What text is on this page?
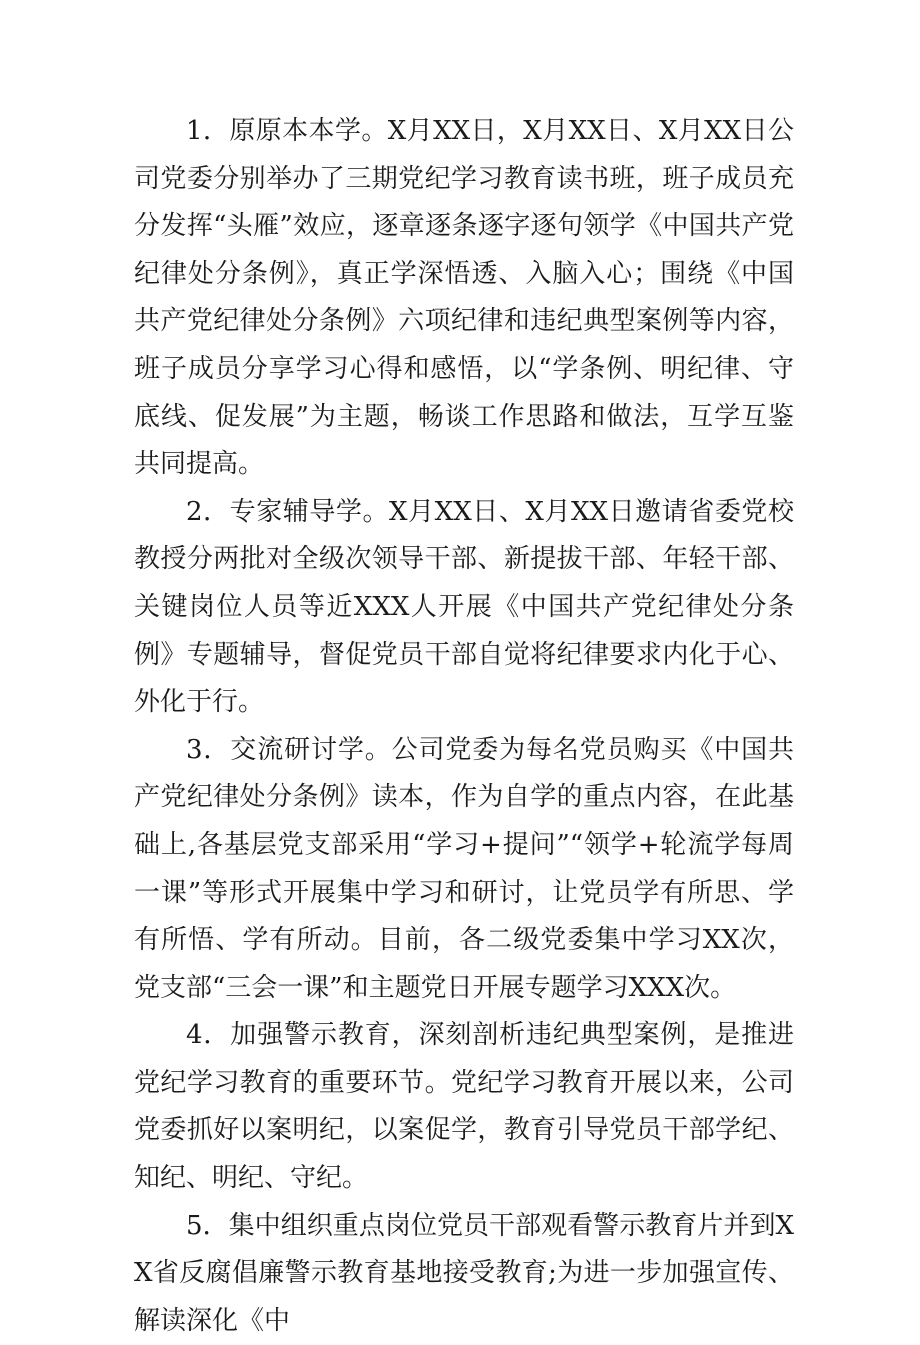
1．原原本本学。X月XX日，X月XX日、X月XX日公司党委分别举办了三期党纪学习教育读书班，班子成员充分发挥“头雁”效应，逐章逐条逐字逐句领学《中国共产党纪律处分条例》，真正学深悟透、入脑入心；围绕《中国共产党纪律处分条例》六项纪律和违纪典型案例等内容，班子成员分享学习心得和感悟，以“学条例、明纪律、守底线、促发展”为主题，畅谈工作思路和做法，互学互鉴共同提高。

2．专家辅导学。X月XX日、X月XX日邀请省委党校教授分两批对全级次领导干部、新提拔干部、年轻干部、关键岗位人员等近XXX人开展《中国共产党纪律处分条例》专题辅导，督促党员干部自觉将纪律要求内化于心、外化于行。

3．交流研讨学。公司党委为每名党员购买《中国共产党纪律处分条例》读本，作为自学的重点内容，在此基础上,各基层党支部采用“学习+提问”“领学+轮流学每周一课”等形式开展集中学习和研讨，让党员学有所思、学有所悟、学有所动。目前，各二级党委集中学习XX次，党支部“三会一课”和主题党日开展专题学习XXX次。

4．加强警示教育，深刻剖析违纪典型案例，是推进党纪学习教育的重要环节。党纪学习教育开展以来，公司党委抓好以案明纪，以案促学，教育引导党员干部学纪、知纪、明纪、守纪。

5．集中组织重点岗位党员干部观看警示教育片并到XX省反腐倡廉警示教育基地接受教育;为进一步加强宣传、解读深化《中
